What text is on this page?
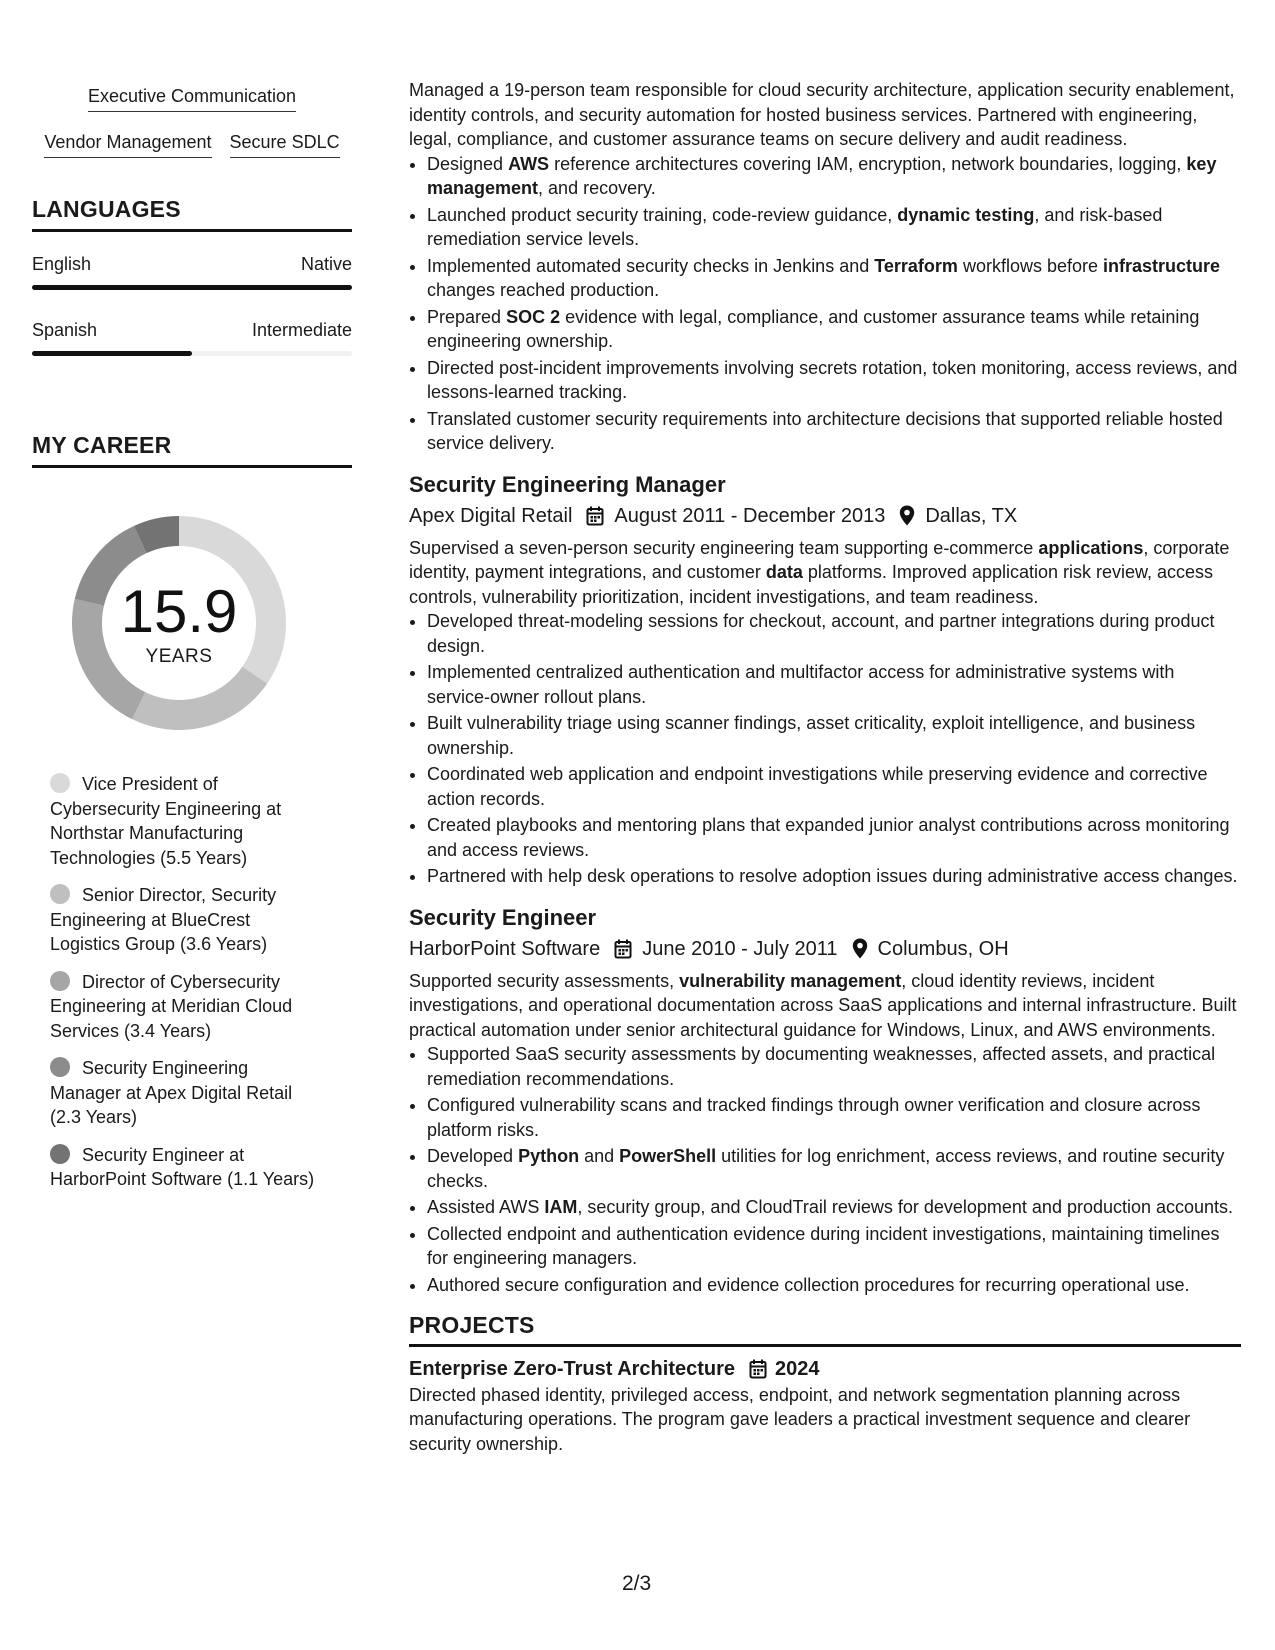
Executive Communication
Vendor Management Secure SDLC
LANGUAGES
English	Native
Spanish	Intermediate
MY CAREER
15.9
YEARS
Vice President of Cybersecurity Engineering at Northstar Manufacturing Technologies (5.5 Years)
Senior Director, Security Engineering at BlueCrest Logistics Group (3.6 Years)
Director of Cybersecurity Engineering at Meridian Cloud Services (3.4 Years)
Security Engineering Manager at Apex Digital Retail (2.3 Years)
Security Engineer at HarborPoint Software (1.1 Years)

Managed a 19-person team responsible for cloud security architecture, application security enablement, identity controls, and security automation for hosted business services. Partnered with engineering, legal, compliance, and customer assurance teams on secure delivery and audit readiness.

• Designed AWS reference architectures covering IAM, encryption, network boundaries, logging, key management, and recovery.
• Launched product security training, code-review guidance, dynamic testing, and risk-based remediation service levels.
• Implemented automated security checks in Jenkins and Terraform workflows before infrastructure changes reached production.
• Prepared SOC 2 evidence with legal, compliance, and customer assurance teams while retaining engineering ownership.
• Directed post-incident improvements involving secrets rotation, token monitoring, access reviews, and lessons-learned tracking.
• Translated customer security requirements into architecture decisions that supported reliable hosted service delivery.
Security Engineering Manager
Apex Digital Retail August 2011 - December 2013 Dallas, TX

Supervised a seven-person security engineering team supporting e-commerce applications, corporate identity, payment integrations, and customer data platforms. Improved application risk review, access controls, vulnerability prioritization, incident investigations, and team readiness.

• Developed threat-modeling sessions for checkout, account, and partner integrations during product design.
• Implemented centralized authentication and multifactor access for administrative systems with service-owner rollout plans.
• Built vulnerability triage using scanner findings, asset criticality, exploit intelligence, and business ownership.
• Coordinated web application and endpoint investigations while preserving evidence and corrective action records.
• Created playbooks and mentoring plans that expanded junior analyst contributions across monitoring and access reviews.
• Partnered with help desk operations to resolve adoption issues during administrative access changes.
Security Engineer
HarborPoint Software June 2010 - July 2011 Columbus, OH

Supported security assessments, vulnerability management, cloud identity reviews, incident investigations, and operational documentation across SaaS applications and internal infrastructure. Built practical automation under senior architectural guidance for Windows, Linux, and AWS environments.

• Supported SaaS security assessments by documenting weaknesses, affected assets, and practical remediation recommendations.
• Configured vulnerability scans and tracked findings through owner verification and closure across platform risks.
• Developed Python and PowerShell utilities for log enrichment, access reviews, and routine security checks.
• Assisted AWS IAM, security group, and CloudTrail reviews for development and production accounts.
• Collected endpoint and authentication evidence during incident investigations, maintaining timelines for engineering managers.
• Authored secure configuration and evidence collection procedures for recurring operational use.
PROJECTS
Enterprise Zero-Trust Architecture 2024

Directed phased identity, privileged access, endpoint, and network segmentation planning across manufacturing operations. The program gave leaders a practical investment sequence and clearer security ownership.

2/3
